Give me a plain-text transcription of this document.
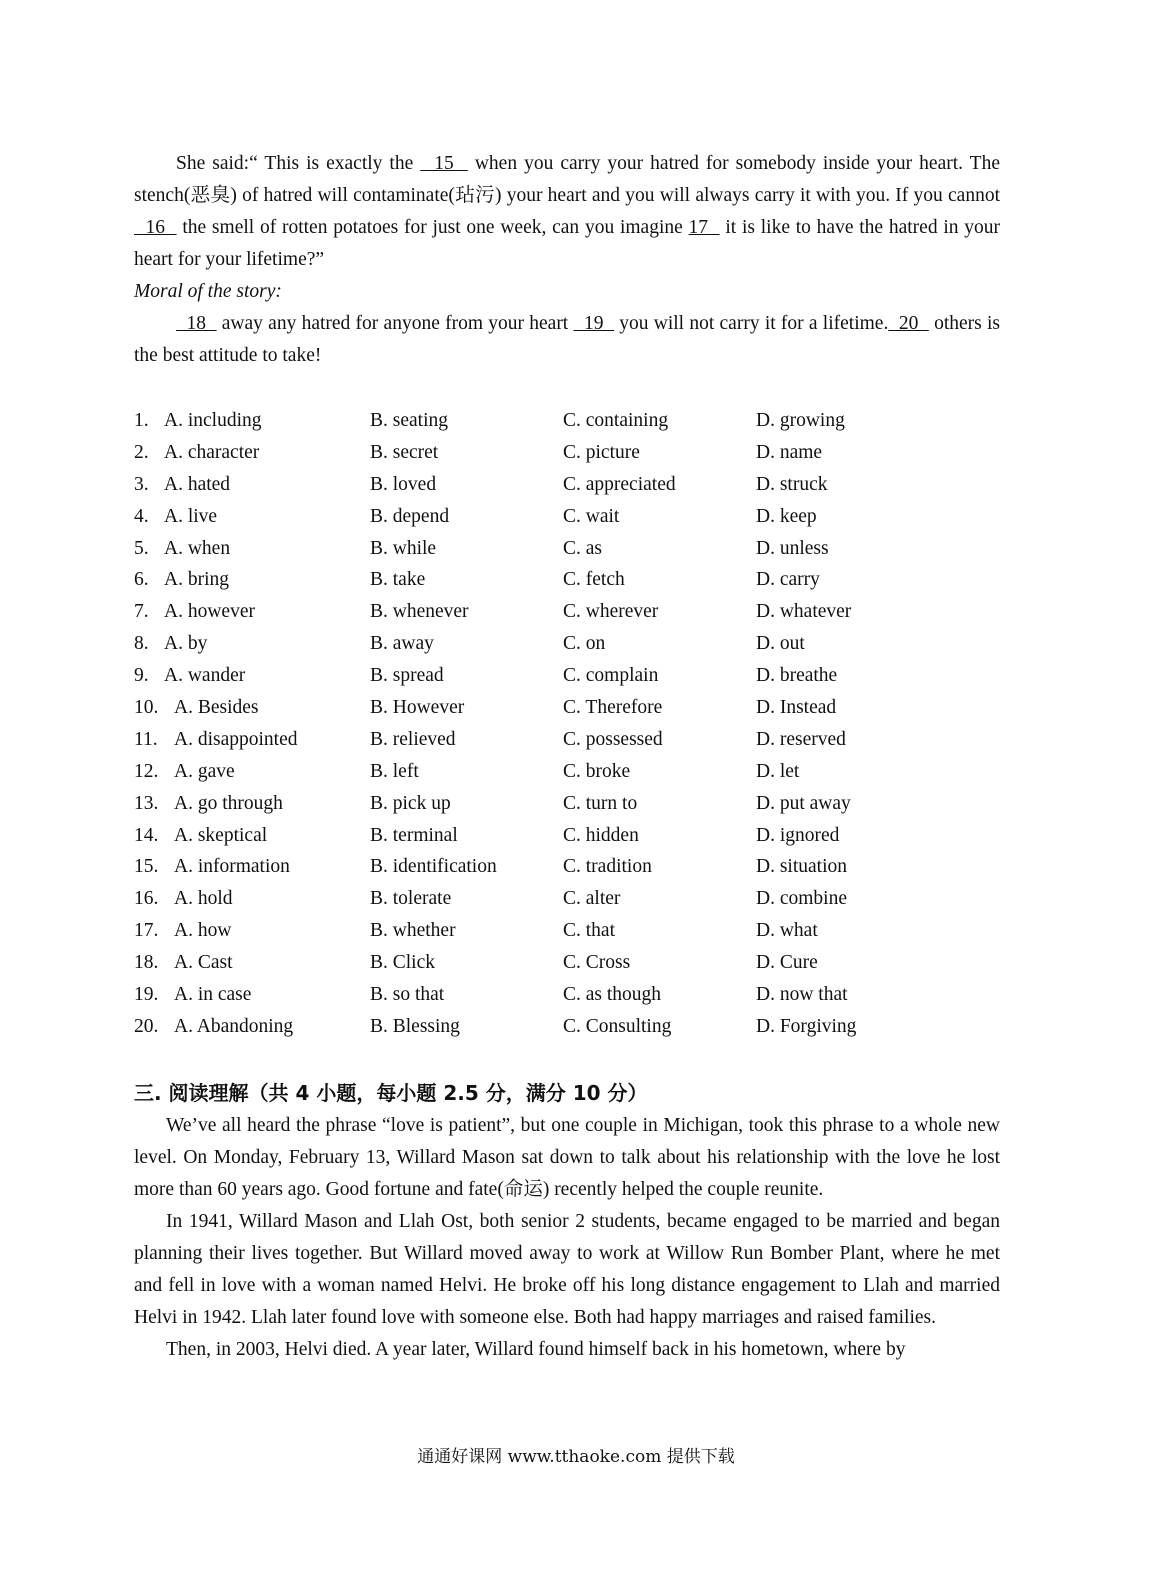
She said:“ This is exactly the   15   when you carry your hatred for somebody inside your heart. The stench(恶臭) of hatred will contaminate(玷污) your heart and you will always carry it with you. If you cannot   16   the smell of rotten potatoes for just one week, can you imagine 17   it is like to have the hatred in your heart for your lifetime?”

Moral of the story:

18   away any hatred for anyone from your heart   19   you will not carry it for a lifetime.  20   others is the best attitude to take!

1. A. including	B. seating	C. containing	D. growing
2. A. character	B. secret	C. picture	D. name
3. A. hated	B. loved	C. appreciated	D. struck
4. A. live	B. depend	C. wait	D. keep
5. A. when	B. while	C. as	D. unless
6. A. bring	B. take	C. fetch	D. carry
7. A. however	B. whenever	C. wherever	D. whatever
8. A. by	B. away	C. on	D. out
9. A. wander	B. spread	C. complain	D. breathe
10. A. Besides	B. However	C. Therefore	D. Instead
11. A. disappointed	B. relieved	C. possessed	D. reserved
12. A. gave	B. left	C. broke	D. let
13. A. go through	B. pick up	C. turn to	D. put away
14. A. skeptical	B. terminal	C. hidden	D. ignored
15. A. information	B. identification	C. tradition	D. situation
16. A. hold	B. tolerate	C. alter	D. combine
17. A. how	B. whether	C. that	D. what
18. A. Cast	B. Click	C. Cross	D. Cure
19. A. in case	B. so that	C. as though	D. now that
20. A. Abandoning	B. Blessing	C. Consulting	D. Forgiving
三. 阅读理解（共 4 小题，每小题 2.5 分，满分 10 分）

We’ve all heard the phrase “love is patient”, but one couple in Michigan, took this phrase to a whole new level. On Monday, February 13, Willard Mason sat down to talk about his relationship with the love he lost more than 60 years ago. Good fortune and fate(命运) recently helped the couple reunite.

In 1941, Willard Mason and Llah Ost, both senior 2 students, became engaged to be married and began planning their lives together. But Willard moved away to work at Willow Run Bomber Plant, where he met and fell in love with a woman named Helvi. He broke off his long distance engagement to Llah and married Helvi in 1942. Llah later found love with someone else. Both had happy marriages and raised families.

Then, in 2003, Helvi died. A year later, Willard found himself back in his hometown, where by

通通好课网 www.tthaoke.com 提供下载
